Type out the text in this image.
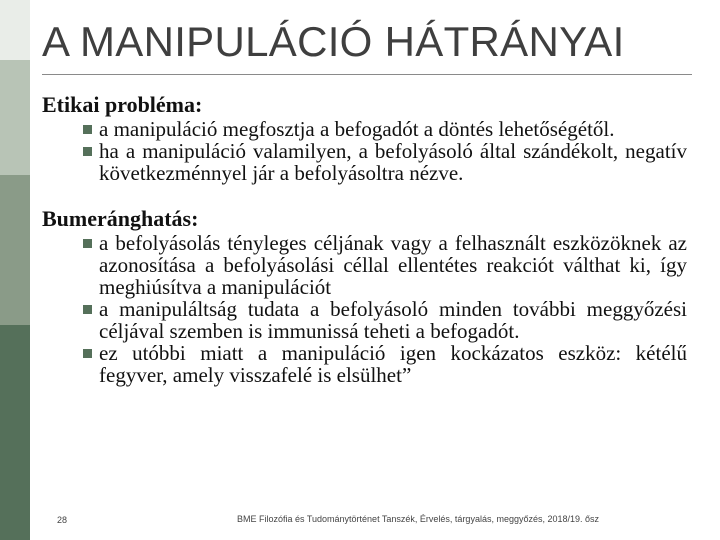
A MANIPULÁCIÓ HÁTRÁNYAI

Etikai probléma:

a manipuláció megfosztja a befogadót a döntés lehetőségétől.
ha a manipuláció valamilyen, a befolyásoló által szándékolt, negatív következménnyel jár a befolyásoltra nézve.

Bumeránghatás:

a befolyásolás tényleges céljának vagy a felhasznált eszközöknek az azonosítása a befolyásolási céllal ellentétes reakciót válthat ki, így meghiúsítva a manipulációt
a manipuláltság tudata a befolyásoló minden további meggyőzési céljával szemben is immunissá teheti a befogadót.
ez utóbbi miatt a manipuláció igen kockázatos eszköz: kétélű fegyver, amely visszafelé is elsülhet”
28	BME Filozófia és Tudománytörténet Tanszék, Érvelés, tárgyalás, meggyőzés, 2018/19. ősz
